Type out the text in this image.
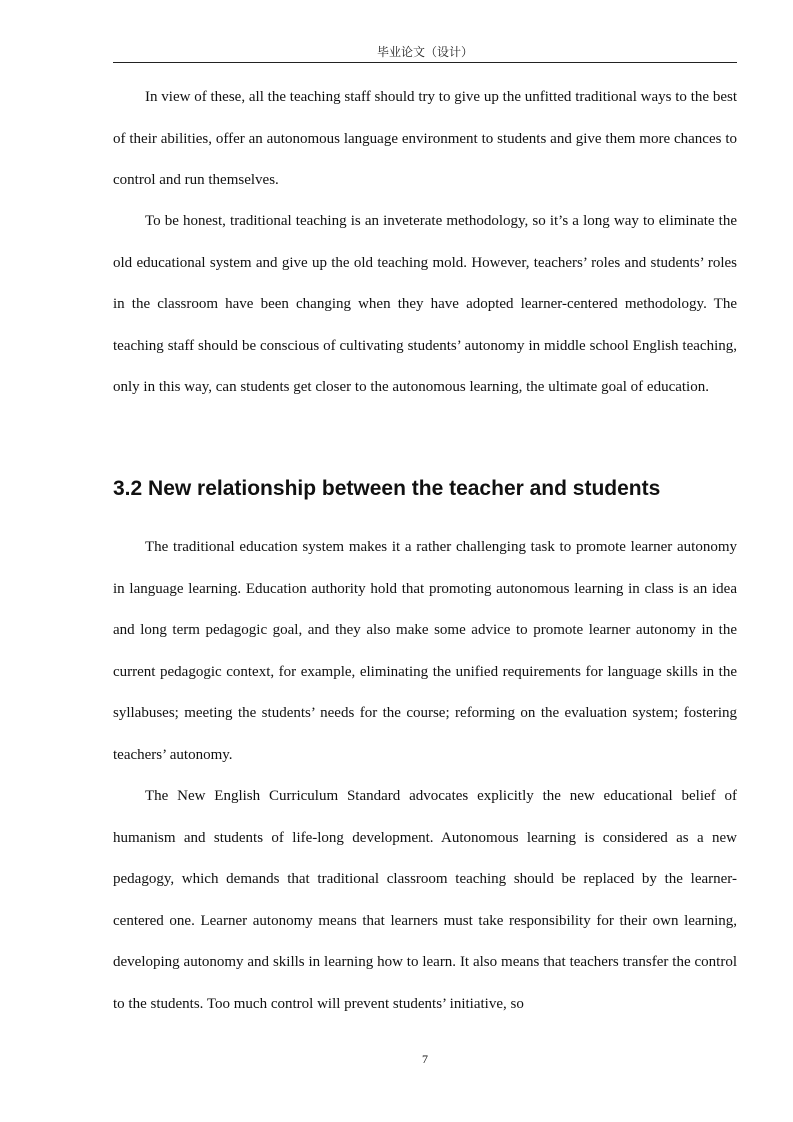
毕业论文（设计）

In view of these, all the teaching staff should try to give up the unfitted traditional ways to the best of their abilities, offer an autonomous language environment to students and give them more chances to control and run themselves.

To be honest, traditional teaching is an inveterate methodology, so it’s a long way to eliminate the old educational system and give up the old teaching mold. However, teachers’ roles and students’ roles in the classroom have been changing when they have adopted learner-centered methodology. The teaching staff should be conscious of cultivating students’ autonomy in middle school English teaching, only in this way, can students get closer to the autonomous learning, the ultimate goal of education.

3.2 New relationship between the teacher and students

The traditional education system makes it a rather challenging task to promote learner autonomy in language learning. Education authority hold that promoting autonomous learning in class is an idea and long term pedagogic goal, and they also make some advice to promote learner autonomy in the current pedagogic context, for example, eliminating the unified requirements for language skills in the syllabuses; meeting the students’ needs for the course; reforming on the evaluation system; fostering teachers’ autonomy.

The New English Curriculum Standard advocates explicitly the new educational belief of humanism and students of life-long development. Autonomous learning is considered as a new pedagogy, which demands that traditional classroom teaching should be replaced by the learner-centered one. Learner autonomy means that learners must take responsibility for their own learning, developing autonomy and skills in learning how to learn. It also means that teachers transfer the control to the students. Too much control will prevent students’ initiative, so

7
